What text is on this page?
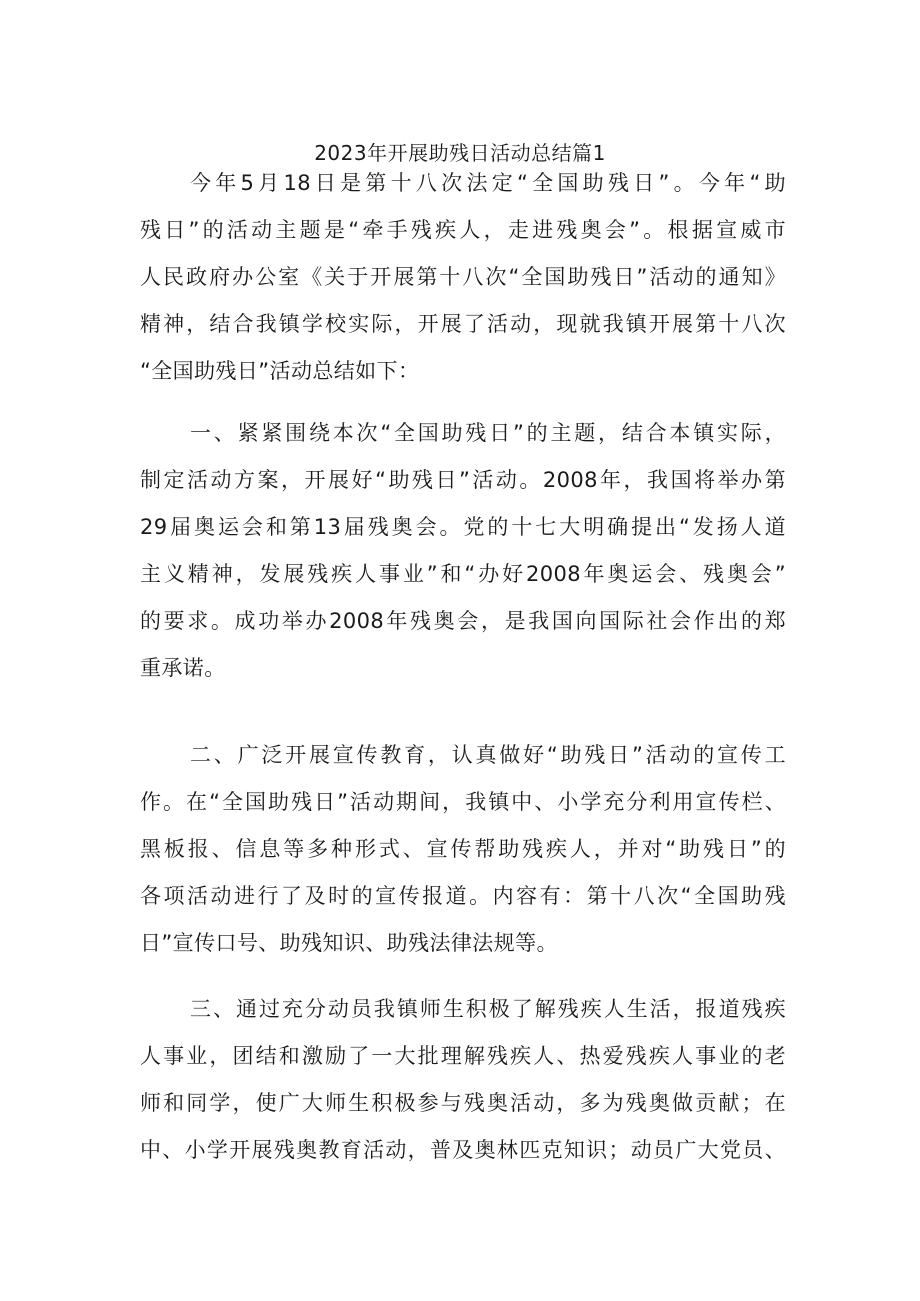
2023年开展助残日活动总结篇1
今年5月18日是第十八次法定“全国助残日”。今年“助
残日”的活动主题是“牵手残疾人，走进残奥会”。根据宣威市
人民政府办公室《关于开展第十八次“全国助残日”活动的通知》
精神，结合我镇学校实际，开展了活动，现就我镇开展第十八次
“全国助残日”活动总结如下：
一、紧紧围绕本次“全国助残日”的主题，结合本镇实际，
制定活动方案，开展好“助残日”活动。2008年，我国将举办第
29届奥运会和第13届残奥会。党的十七大明确提出“发扬人道
主义精神，发展残疾人事业”和“办好2008年奥运会、残奥会”
的要求。成功举办2008年残奥会，是我国向国际社会作出的郑
重承诺。
二、广泛开展宣传教育，认真做好“助残日”活动的宣传工
作。在“全国助残日”活动期间，我镇中、小学充分利用宣传栏、
黑板报、信息等多种形式、宣传帮助残疾人，并对“助残日”的
各项活动进行了及时的宣传报道。内容有：第十八次“全国助残
日”宣传口号、助残知识、助残法律法规等。
三、通过充分动员我镇师生积极了解残疾人生活，报道残疾
人事业，团结和激励了一大批理解残疾人、热爱残疾人事业的老
师和同学，使广大师生积极参与残奥活动，多为残奥做贡献；在
中、小学开展残奥教育活动，普及奥林匹克知识；动员广大党员、
